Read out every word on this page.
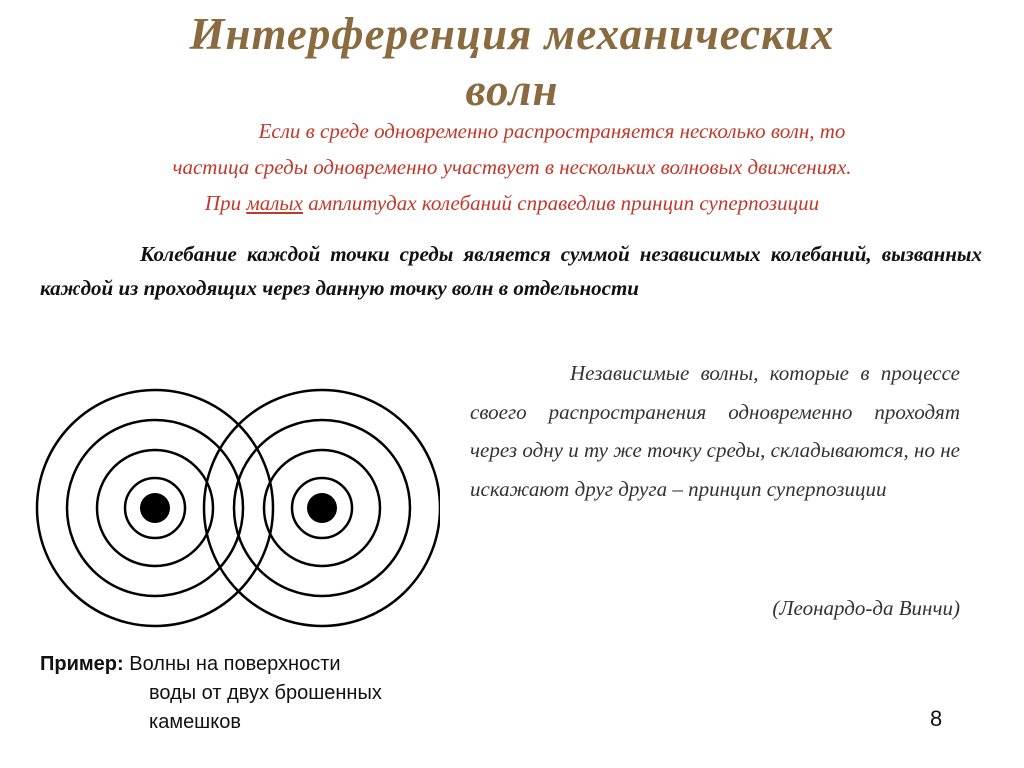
Интерференция механических
волн
Если в среде одновременно распространяется несколько волн, то
частица среды одновременно участвует в нескольких волновых движениях.
При малых амплитудах колебаний справедлив принцип суперпозиции
Колебание каждой точки среды является суммой независимых колебаний, вызванных каждой из проходящих через данную точку волн в отдельности
Независимые волны, которые в процессе своего распространения одновременно проходят через одну и ту же точку среды, складываются, но не искажают друг друга – принцип суперпозиции
(Леонардо-да Винчи)
Пример: Волны на поверхности
воды от двух брошенных
камешков	8
